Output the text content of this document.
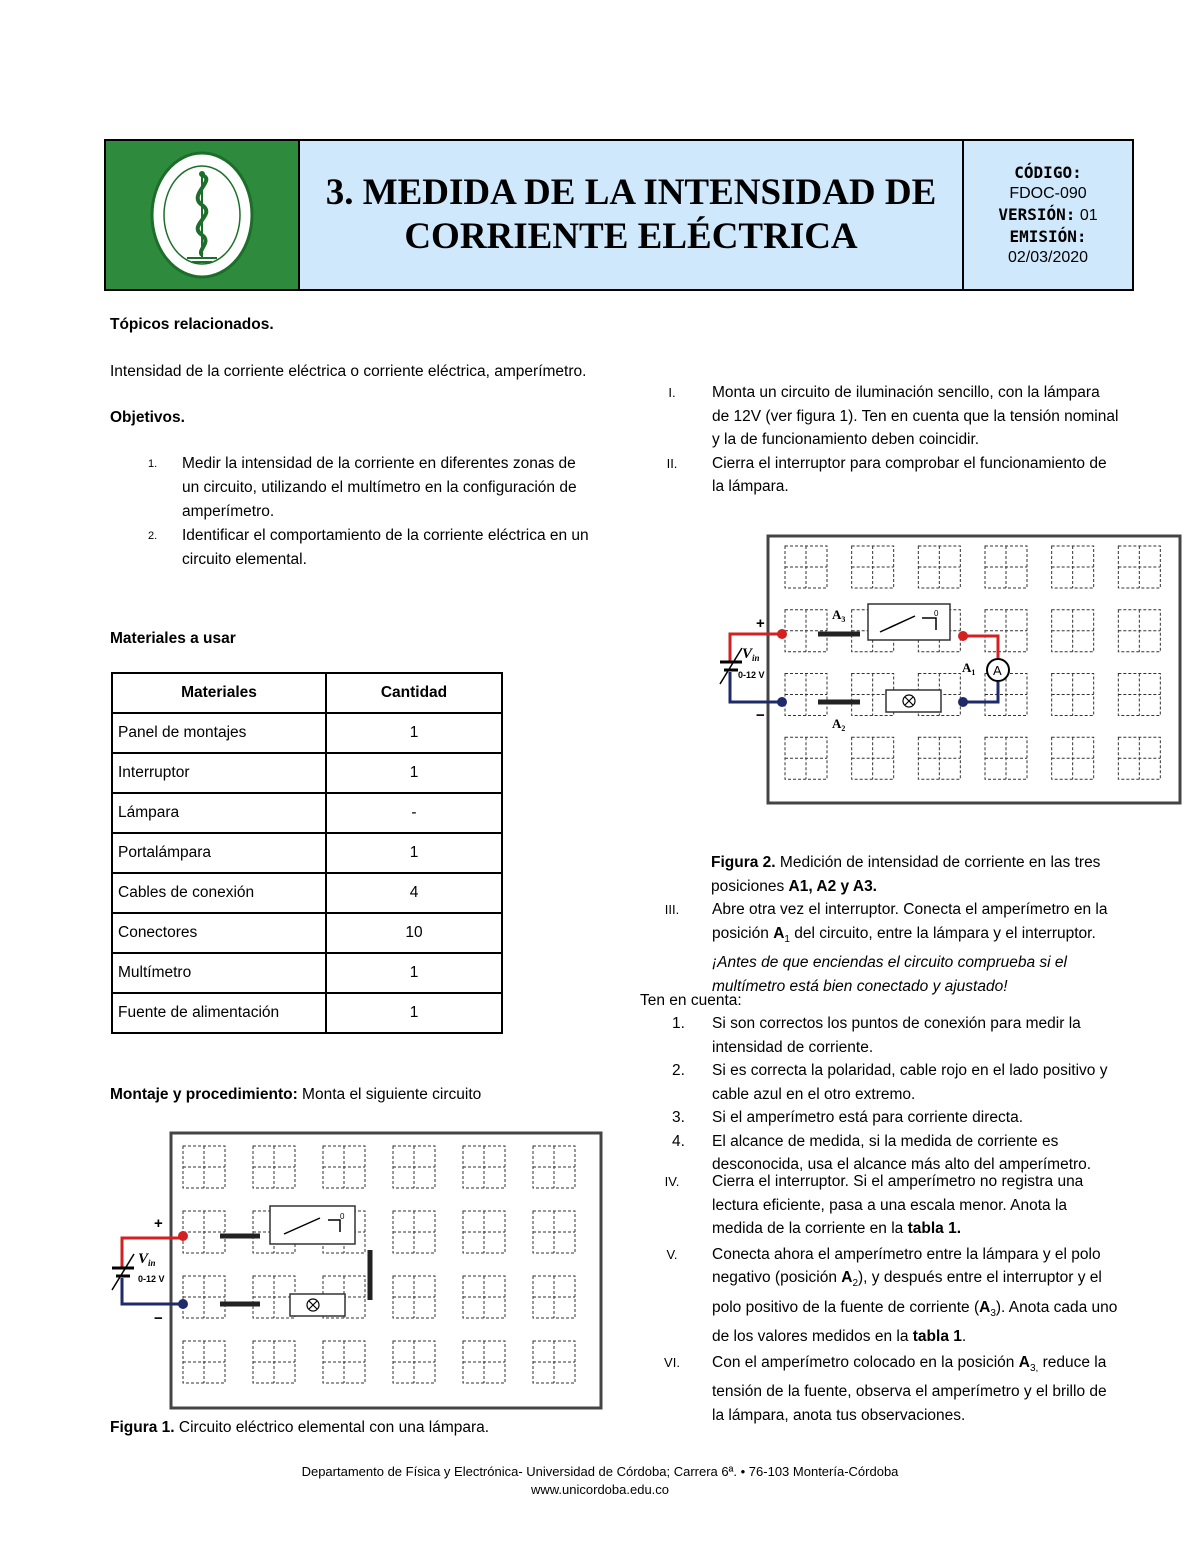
3. MEDIDA DE LA INTENSIDAD DE
CORRIENTE ELÉCTRICA
CÓDIGO:
FDOC-090
VERSIÓN: 01
EMISIÓN:
02/03/2020
Tópicos relacionados.
Intensidad de la corriente eléctrica o corriente eléctrica, amperímetro.
Objetivos.
1. Medir la intensidad de la corriente en diferentes zonas de
un circuito, utilizando el multímetro en la configuración de
amperímetro.
2. Identificar el comportamiento de la corriente eléctrica en un
circuito elemental.
Materiales a usar
Materiales	Cantidad
Panel de montajes	1
Interruptor	1
Lámpara	-
Portalámpara	1
Cables de conexión	4
Conectores	10
Multímetro	1
Fuente de alimentación	1
Montaje y procedimiento: Monta el siguiente circuito
+
−
$V_{in}$
0-12 V
0
Figura 1. Circuito eléctrico elemental con una lámpara.
I.	Monta un circuito de iluminación sencillo, con la lámpara
de 12V (ver figura 1). Ten en cuenta que la tensión nominal
y la de funcionamiento deben coincidir.
II. Cierra el interruptor para comprobar el funcionamiento de
la lámpara.
A
+
−
$V_{in}$
0-12 V
$A_3$
$A_1$
$A_2$
0
Figura 2. Medición de intensidad de corriente en las tres
posiciones A1, A2 y A3.
III. Abre otra vez el interruptor. Conecta el amperímetro en la
posición $A_1$ del circuito, entre la lámpara y el interruptor.
¡Antes de que enciendas el circuito comprueba si el
multímetro está bien conectado y ajustado!
Ten en cuenta:
1. Si son correctos los puntos de conexión para medir la
intensidad de corriente.
2. Si es correcta la polaridad, cable rojo en el lado positivo y
cable azul en el otro extremo.
3. Si el amperímetro está para corriente directa.
4. El alcance de medida, si la medida de corriente es
desconocida, usa el alcance más alto del amperímetro.
IV. Cierra el interruptor. Si el amperímetro no registra una
lectura eficiente, pasa a una escala menor. Anota la
medida de la corriente en la tabla 1.
V. Conecta ahora el amperímetro entre la lámpara y el polo
negativo (posición $A_2$), y después entre el interruptor y el
polo positivo de la fuente de corriente $(A_3)$. Anota cada uno
de los valores medidos en la tabla 1.
VI. Con el amperímetro colocado en la posición $A_{3,}$ reduce la
tensión de la fuente, observa el amperímetro y el brillo de
la lámpara, anota tus observaciones.
Departamento de Física y Electrónica- Universidad de Córdoba; Carrera 6ª. • 76-103 Montería-Córdoba
www.unicordoba.edu.co
